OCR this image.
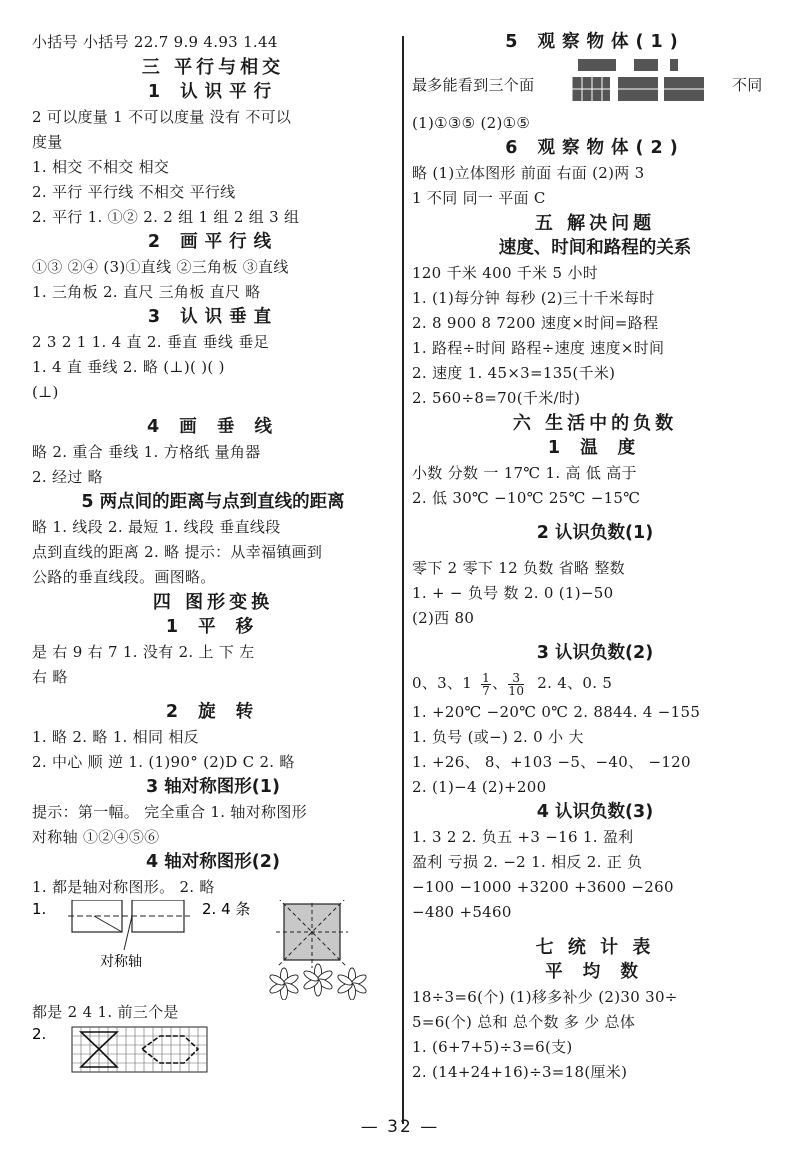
小括号 小括号 22.7 9.9 4.93 1.44
三 平行与相交
1 认识平行
2 可以度量 1 不可以度量 没有 不可以
度量
1. 相交 不相交 相交
2. 平行 平行线 不相交 平行线
2. 平行 1. ①② 2. 2 组 1 组 2 组 3 组
2 画平行线
①③ ②④ (3)①直线 ②三角板 ③直线
1. 三角板 2. 直尺 三角板 直尺 略
3 认识垂直
2 3 2 1 1. 4 直 2. 垂直 垂线 垂足
1. 4 直 垂线 2. 略 (⊥)( )( )
(⊥)
4 画 垂 线
略 2. 重合 垂线 1. 方格纸 量角器
2. 经过 略
5 两点间的距离与点到直线的距离
略 1. 线段 2. 最短 1. 线段 垂直线段
点到直线的距离 2. 略 提示：从幸福镇画到
公路的垂直线段。画图略。
四 图形变换
1 平 移
是 右 9 右 7 1. 没有 2. 上 下 左
右 略
2 旋 转
1. 略 2. 略 1. 相同 相反
2. 中心 顺 逆 1. (1)90° (2)D C 2. 略
3 轴对称图形(1)
提示：第一幅。 完全重合 1. 轴对称图形
对称轴 ①②④⑤⑥
4 轴对称图形(2)
1. 都是轴对称图形。 2. 略
1.
对称轴
2. 4 条
都是 2 4 1. 前三个是
2.
5 观察物体(1)
最多能看到三个面	不同
(1)①③⑤ (2)①⑤
6 观察物体(2)
略 (1)立体图形 前面 右面 (2)两 3
1 不同 同一 平面 C
五 解决问题
速度、时间和路程的关系
120 千米 400 千米 5 小时
1. (1)每分钟 每秒 (2)三十千米每时
2. 8 900 8 7200 速度×时间=路程
1. 路程÷时间 路程÷速度 速度×时间
2. 速度 1. 45×3=135(千米)
2. 560÷8=70(千米/时)
六 生活中的负数
1 温 度
小数 分数 一 17℃ 1. 高 低 高于
2. 低 30℃ −10℃ 25℃ −15℃
2 认识负数(1)
零下 2 零下 12 负数 省略 整数
1. + − 负号 数 2. 0 (1)−50
(2)西 80
3 认识负数(2)
0、3、$1 \frac{1}{7}$ 、 $\frac{3}{10} 2$. 4、0. 5
1. +20℃ −20℃ 0℃ 2. 8844. 4 −155
1. 负号 (或−) 2. 0 小 大
1. +26、 8、+103 −5、−40、 −120
2. (1)−4 (2)+200
4 认识负数(3)
1. 3 2 2. 负五 +3 −16 1. 盈利
盈利 亏损 2. −2 1. 相反 2. 正 负
−100 −1000 +3200 +3600 −260
−480 +5460
七 统 计 表
平 均 数
18÷3=6(个) (1)移多补少 (2)30 30÷
5=6(个) 总和 总个数 多 少 总体
1. (6+7+5)÷3=6(支)
2. (14+24+16)÷3=18(厘米)
— 32 —
